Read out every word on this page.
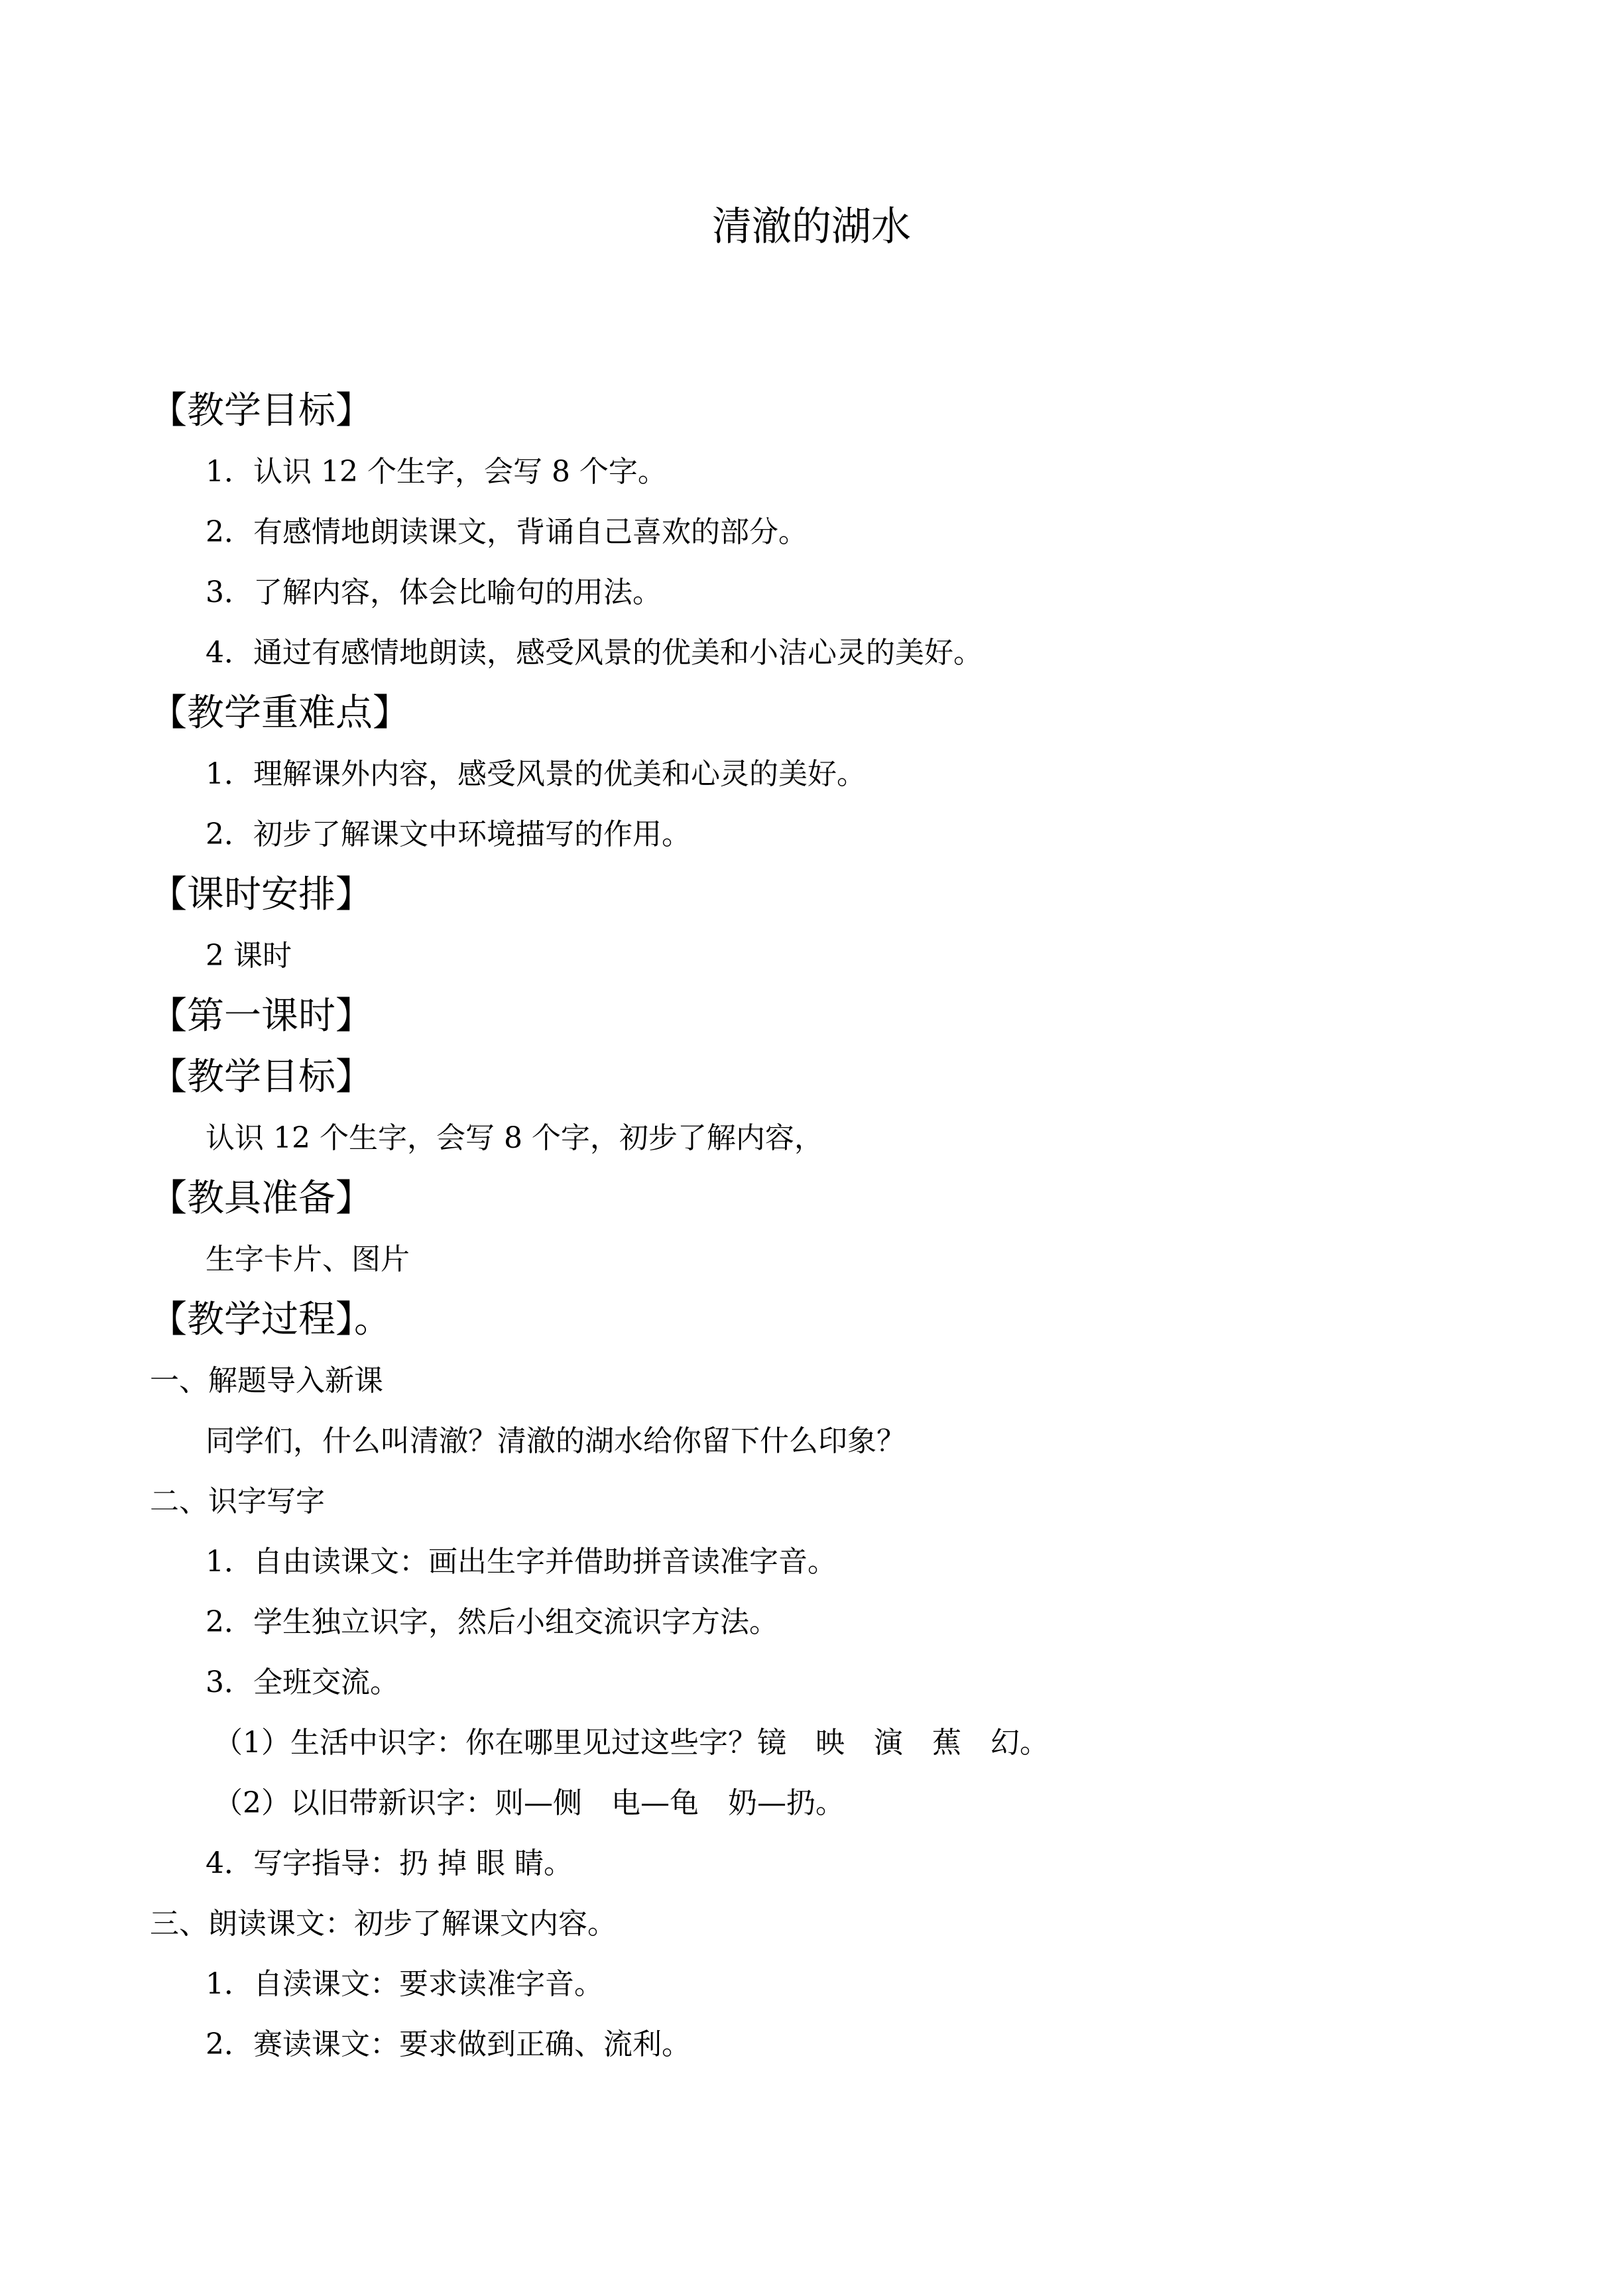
清澈的湖水
【教学目标】
1．认识 12 个生字，会写 8 个字。
2．有感情地朗读课文，背诵自己喜欢的部分。
3．了解内容，体会比喻句的用法。
4．通过有感情地朗读，感受风景的优美和小洁心灵的美好。
【教学重难点】
1．理解课外内容，感受风景的优美和心灵的美好。
2．初步了解课文中环境描写的作用。
【课时安排】
2 课时
【第一课时】
【教学目标】
认识 12 个生字，会写 8 个字，初步了解内容，
【教具准备】
生字卡片、图片
【教学过程】。
一、解题导入新课
同学们，什么叫清澈？清澈的湖水给你留下什么印象？
二、识字写字
1．自由读课文：画出生字并借助拼音读准字音。
2．学生独立识字，然后小组交流识字方法。
3．全班交流。
（1）生活中识字：你在哪里见过这些字？镜　映　演　蕉　幻。
（2）以旧带新识字：则—侧　电—龟　奶—扔。
4．写字指导：扔 掉 眼 睛。
三、朗读课文：初步了解课文内容。
1．自渎课文：要求读准字音。
2．赛读课文：要求做到正确、流利。
